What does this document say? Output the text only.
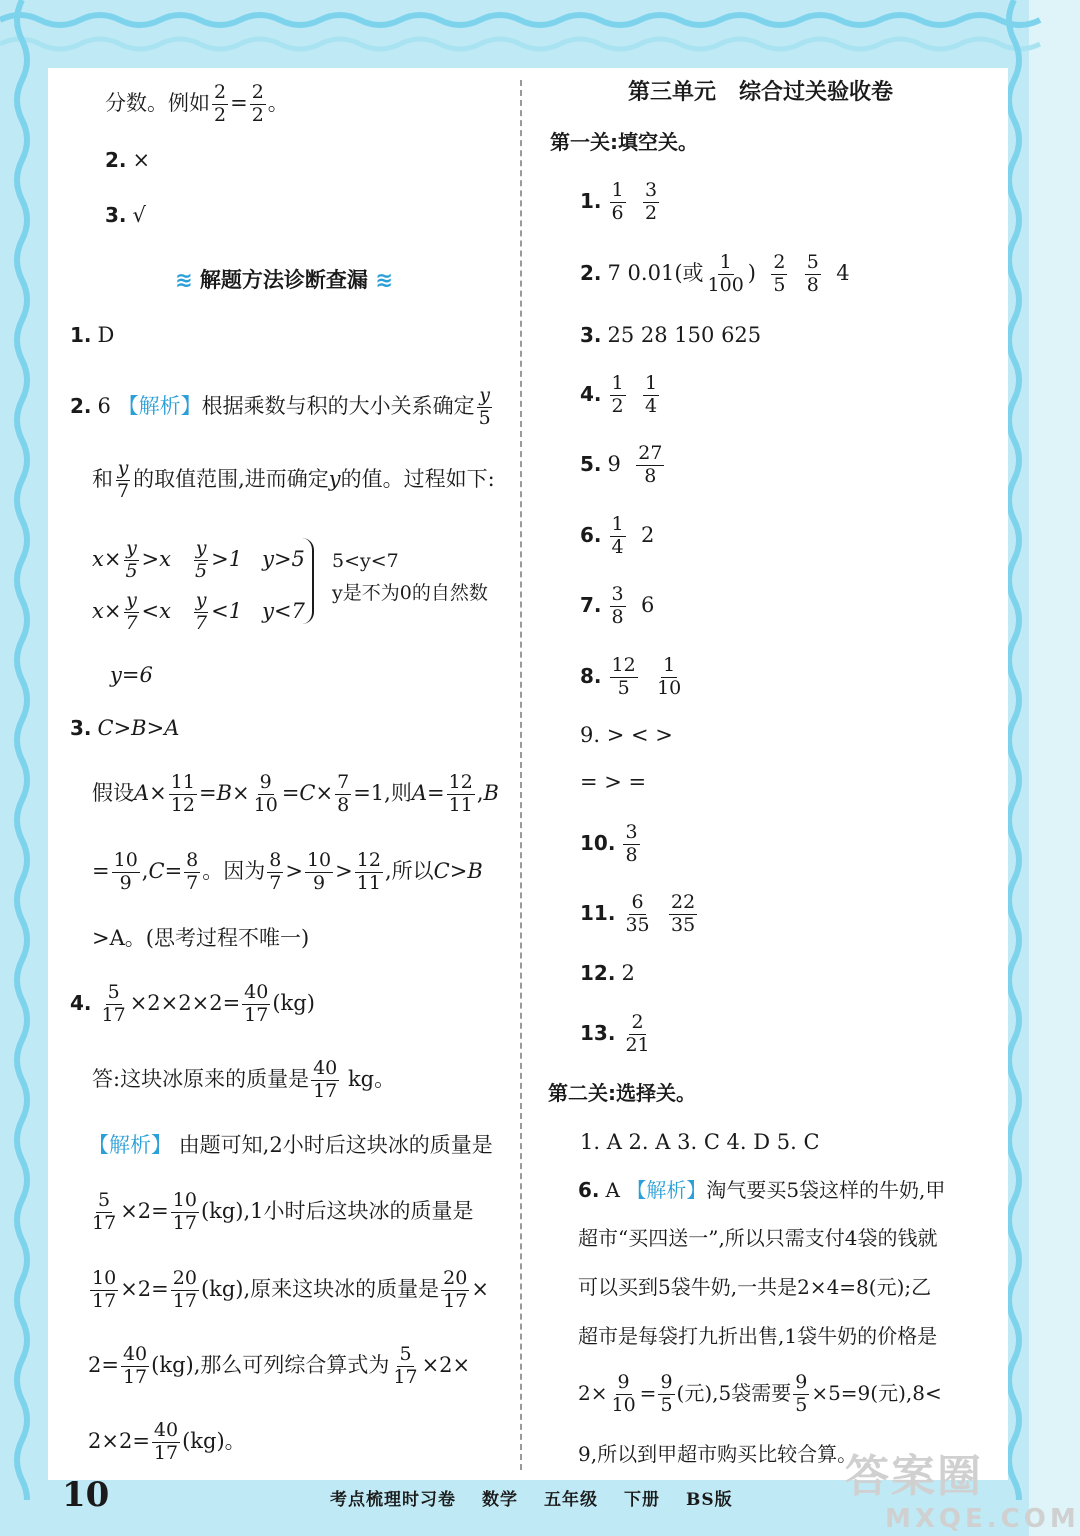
分数。例如 $\frac{2}{2} = \frac{2}{2}$ 。
2. ×
3. √
≋ 解题方法诊断查漏 ≋
1. D
2. 6 【解析】根据乘数与积的大小关系确定 $\frac{y}{5}$
和 $\frac{y}{7}$ 的取值范围,进而确定y的值。过程如下:
$x\times \frac{y}{5} >x \frac{y}{5} >1$   y>5
$x\times \frac{y}{7} <x \frac{y}{7} <1$   y<7
5<y<7
y是不为0的自然数
y=6
3. C>B>A
假设$A\times \frac{11}{12} =B\times \frac{9}{10} =C\times \frac{7}{8} =1$,则$A= \frac{12}{11} ,B$
= $\frac{10}{9} ,C= \frac{8}{7}$ 。因为 $\frac{8}{7} > \frac{10}{9} > \frac{12}{11}$ ,所以C>B
>A。(思考过程不唯一)
4. $\frac{5}{17} \times 2\times 2\times 2= \frac{40}{17} (kg)$
答:这块冰原来的质量是 $\frac{40}{17}$ kg。
【解析】 由题可知,2小时后这块冰的质量是
$\frac{5}{17} \times 2= \frac{10}{17} (kg),1$小时后这块冰的质量是
$\frac{10}{17} \times 2= \frac{20}{17} (kg)$,原来这块冰的质量是 $\frac{20}{17}$ ×
$2= \frac{40}{17} (kg)$,那么可列综合算式为 $\frac{5}{17} \times 2\times$
$2\times 2= \frac{40}{17} (kg)$。
第三单元 综合过关验收卷
第一关:填空关。
1. $\frac{1}{6}$
$\frac{3}{2}$
2. 7 0.01(或 $\frac{1}{100}$ ) $\frac{2}{5}$
$\frac{5}{8} 4$
3. 25 28 150 625
4. $\frac{1}{2}$
$\frac{1}{4}$
5. $9 \frac{27}{8}$
6. $\frac{1}{4} 2$
7. $\frac{3}{8} 6$
8. $\frac{12}{5}$
$\frac{1}{10}$
9. > < >
= > =
10. $\frac{3}{8}$
11. $\frac{6}{35}$
$\frac{22}{35}$
12. 2
13. $\frac{2}{21}$
第二关:选择关。
1. A 2. A 3. C 4. D 5. C
6. A 【解析】淘气要买5袋这样的牛奶,甲
超市“买四送一”,所以只需支付4袋的钱就
可以买到5袋牛奶,一共是2×4=8(元);乙
超市是每袋打九折出售,1袋牛奶的价格是
$2\times \frac{9}{10} = \frac{9}{5}$ (元),5袋需要 $\frac{9}{5} \times 5=9$(元),8<
9,所以到甲超市购买比较合算。
10	考点梳理时习卷 数学 五年级 下册 BS版	答案圈
MXQE.COM
